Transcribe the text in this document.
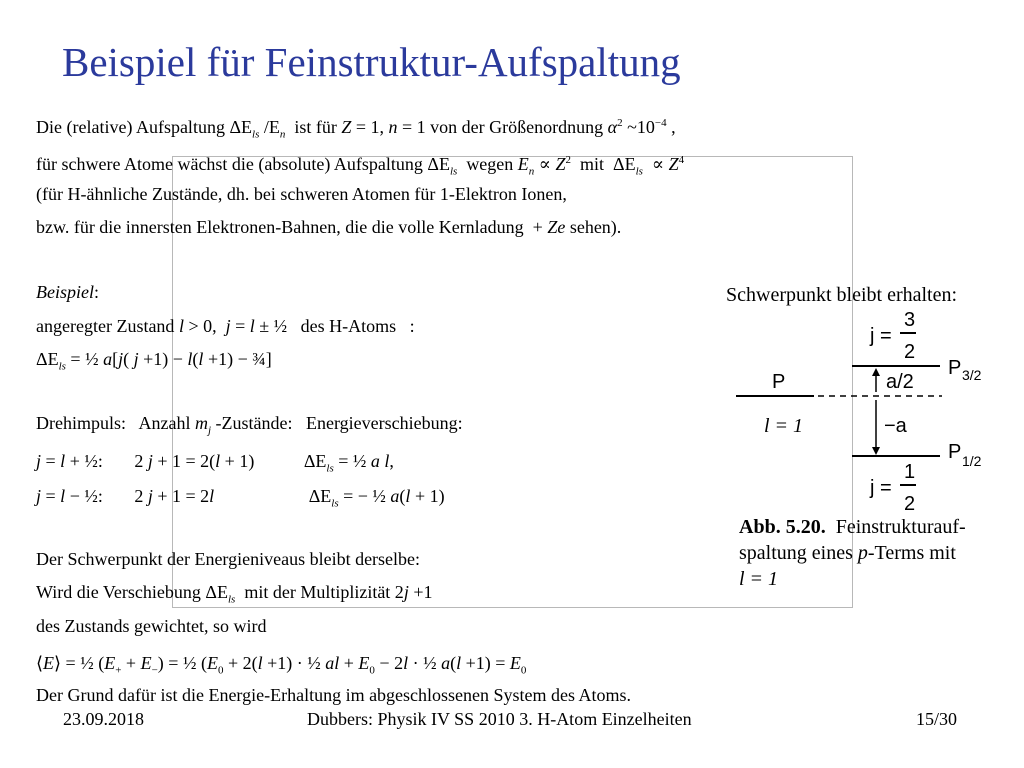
Beispiel für Feinstruktur-Aufspaltung
Die (relative) Aufspaltung $\Delta E_{ls}$ $/E_n$  ist für Z = 1, n = 1 von der Größenordnung $\alpha^2$ $\sim 10^{-4}$ ,
für schwere Atome wächst die (absolute) Aufspaltung $\Delta E_{ls}$  wegen $E_n \propto Z^2$  mit  $\Delta E_{ls} \propto Z^4$
(für H-ähnliche Zustände, dh. bei schweren Atomen für 1-Elektron Ionen,
bzw. für die innersten Elektronen-Bahnen, die die volle Kernladung  + Ze sehen).
Beispiel:
angeregter Zustand l > 0,  j = l ± ½   des H-Atoms   :
$\Delta E_{ls}$ = ½ a[j( j +1) − l(l +1) − ¾]
Drehimpuls:   Anzahl $m_j$ -Zustände:   Energieverschiebung:
j = l + ½:       2 j + 1 = 2(l + 1)           $\Delta E_{ls}$ = ½ a l,
j = l − ½:       2 j + 1 = 2l                     $\Delta E_{ls}$ = − ½ a(l + 1)
Der Schwerpunkt der Energieniveaus bleibt derselbe:
Wird die Verschiebung $\Delta E_{ls}$  mit der Multiplizität 2j +1
des Zustands gewichtet, so wird
⟨E⟩ = ½ $(E_+ + E_-)$ = ½ ($E_0 + 2(l +1)$ · ½ al + $E_0 - 2l$ · ½ $a(l +1) = E_0$
Der Grund dafür ist die Energie-Erhaltung im abgeschlossenen System des Atoms.
Schwerpunkt bleibt erhalten:
j =
3
2
P 3/2
a/2
P
l = 1	−a
P 1/2
j =
1
2
Abb. 5.20. Feinstrukturauf-
spaltung eines p-Terms mit
l = 1
23.09.2018	Dubbers: Physik IV SS 2010 3. H-Atom Einzelheiten	15/30
